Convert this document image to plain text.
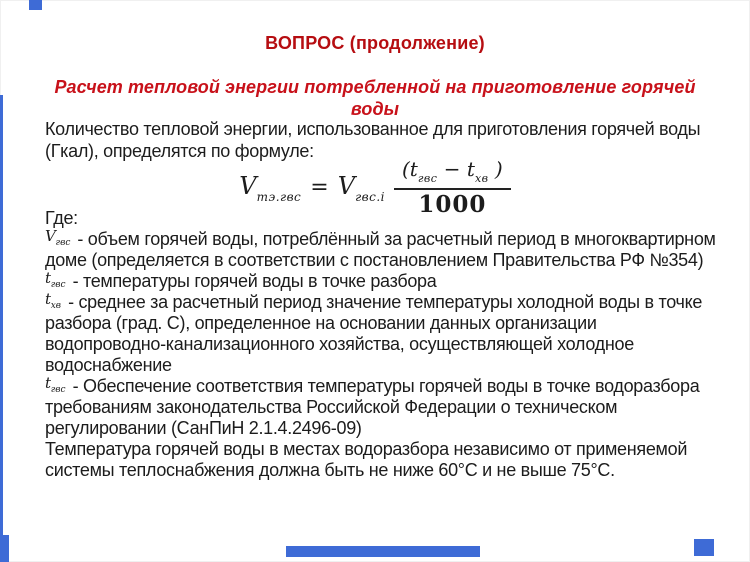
ВОПРОС (продолжение)
Расчет тепловой энергии потребленной на приготовление горячей воды
Количество тепловой энергии, использованное для приготовления горячей воды (Гкал), определятся по формуле:
$V_{тэ.гвс} = V_{гвс.i} \frac{(t_{гвс} - t_{хв} )}{1000}$

Где:

$V_{гвс}$ - объем горячей воды, потреблённый за расчетный период в многоквартирном доме (определяется в соответствии с постановлением Правительства РФ №354)

$t_{гвс}$ - температуры горячей воды в точке разбора

$t_{хв}$ - среднее за расчетный период значение температуры холодной воды в точке разбора (град. С), определенное на основании данных организации водопроводно-канализационного хозяйства, осуществляющей холодное водоснабжение

$t_{гвс}$ - Обеспечение соответствия температуры горячей воды в точке водоразбора требованиям законодательства Российской Федерации о техническом регулировании (СанПиН 2.1.4.2496-09)

Температура горячей воды в местах водоразбора независимо от применяемой системы теплоснабжения должна быть не ниже 60°С и не выше 75°С.
